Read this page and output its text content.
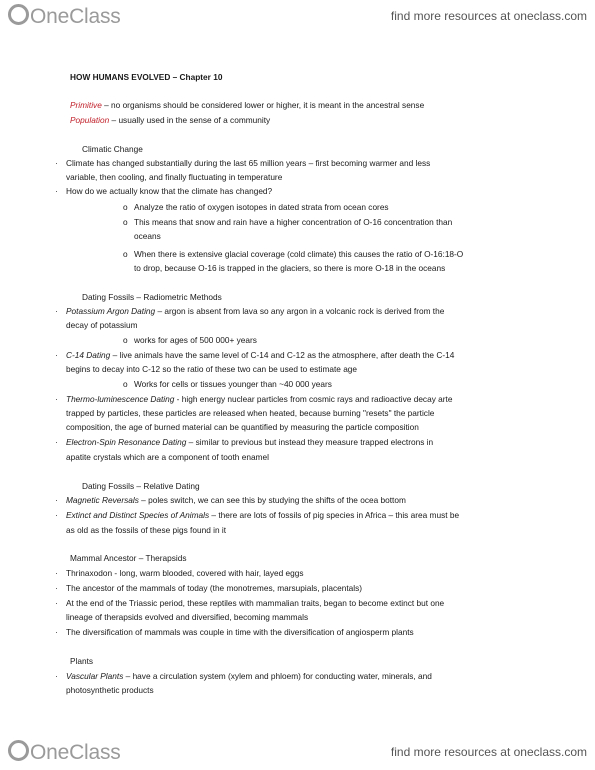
OneClass	find more resources at oneclass.com
HOW HUMANS EVOLVED – Chapter 10
Primitive – no organisms should be considered lower or higher, it is meant in the ancestral sense
Population – usually used in the sense of a community
Climatic Change
· Climate has changed substantially during the last 65 million years – first becoming warmer and less
variable, then cooling, and finally fluctuating in temperature
· How do we actually know that the climate has changed?
o Analyze the ratio of oxygen isotopes in dated strata from ocean cores
o This means that snow and rain have a higher concentration of O-16 concentration than
oceans
o When there is extensive glacial coverage (cold climate) this causes the ratio of O-16:18-O
to drop, because O-16 is trapped in the glaciers, so there is more O-18 in the oceans
Dating Fossils – Radiometric Methods
· Potassium Argon Dating – argon is absent from lava so any argon in a volcanic rock is derived from the
decay of potassium
o works for ages of 500 000+ years
· C-14 Dating – live animals have the same level of C-14 and C-12 as the atmosphere, after death the C-14
begins to decay into C-12 so the ratio of these two can be used to estimate age
o Works for cells or tissues younger than ~40 000 years
· Thermo-luminescence Dating - high energy nuclear particles from cosmic rays and radioactive decay arte
trapped by particles, these particles are released when heated, because burning "resets" the particle
composition, the age of burned material can be quantified by measuring the particle composition
· Electron-Spin Resonance Dating – similar to previous but instead they measure trapped electrons in
apatite crystals which are a component of tooth enamel
Dating Fossils – Relative Dating
· Magnetic Reversals – poles switch, we can see this by studying the shifts of the ocea bottom
· Extinct and Distinct Species of Animals – there are lots of fossils of pig species in Africa – this area must be
as old as the fossils of these pigs found in it
Mammal Ancestor – Therapsids
· Thrinaxodon - long, warm blooded, covered with hair, layed eggs
· The ancestor of the mammals of today (the monotremes, marsupials, placentals)
· At the end of the Triassic period, these reptiles with mammalian traits, began to become extinct but one
lineage of therapsids evolved and diversified, becoming mammals
· The diversification of mammals was couple in time with the diversification of angiosperm plants
Plants
· Vascular Plants – have a circulation system (xylem and phloem) for conducting water, minerals, and
photosynthetic products
OneClass	find more resources at oneclass.com
